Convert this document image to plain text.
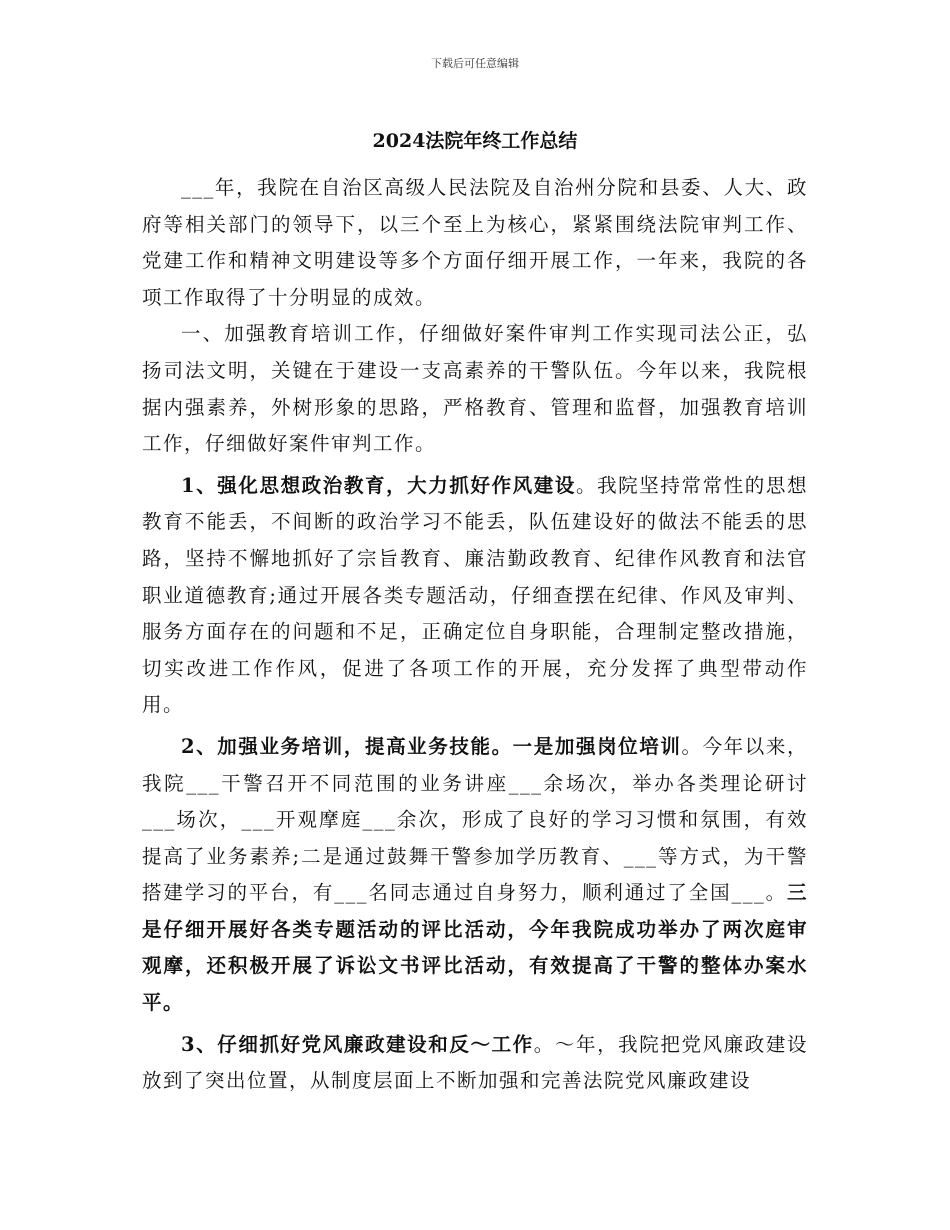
下载后可任意编辑
2024法院年终工作总结

___年，我院在自治区高级人民法院及自治州分院和县委、人大、政府等相关部门的领导下，以三个至上为核心，紧紧围绕法院审判工作、党建工作和精神文明建设等多个方面仔细开展工作，一年来，我院的各项工作取得了十分明显的成效。

一、加强教育培训工作，仔细做好案件审判工作实现司法公正，弘扬司法文明，关键在于建设一支高素养的干警队伍。今年以来，我院根据内强素养，外树形象的思路，严格教育、管理和监督，加强教育培训工作，仔细做好案件审判工作。

1、强化思想政治教育，大力抓好作风建设。我院坚持常常性的思想教育不能丢，不间断的政治学习不能丢，队伍建设好的做法不能丢的思路，坚持不懈地抓好了宗旨教育、廉洁勤政教育、纪律作风教育和法官职业道德教育;通过开展各类专题活动，仔细查摆在纪律、作风及审判、服务方面存在的问题和不足，正确定位自身职能，合理制定整改措施，切实改进工作作风，促进了各项工作的开展，充分发挥了典型带动作用。

2、加强业务培训，提高业务技能。一是加强岗位培训。今年以来，我院___干警召开不同范围的业务讲座___余场次，举办各类理论研讨___场次，___开观摩庭___余次，形成了良好的学习习惯和氛围，有效提高了业务素养;二是通过鼓舞干警参加学历教育、___等方式，为干警搭建学习的平台，有___名同志通过自身努力，顺利通过了全国___。三是仔细开展好各类专题活动的评比活动，今年我院成功举办了两次庭审观摩，还积极开展了诉讼文书评比活动，有效提高了干警的整体办案水平。

3、仔细抓好党风廉政建设和反～工作。～年，我院把党风廉政建设放到了突出位置，从制度层面上不断加强和完善法院党风廉政建设
